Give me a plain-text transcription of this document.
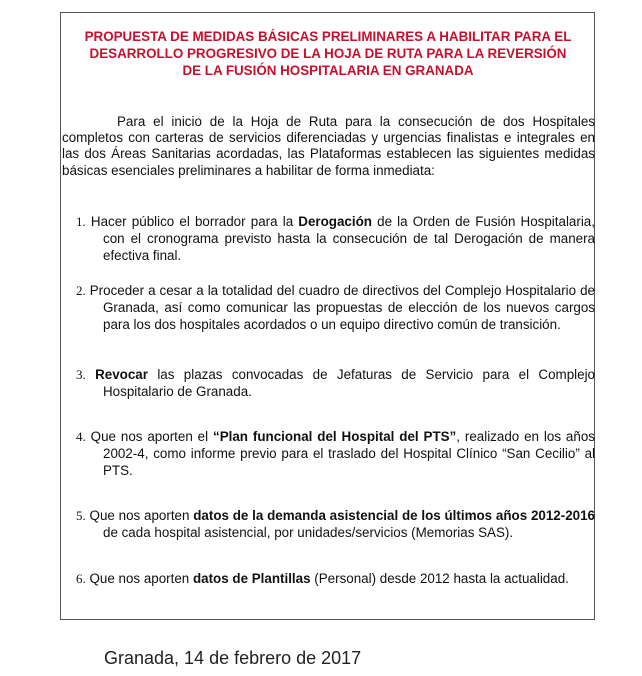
PROPUESTA DE MEDIDAS BÁSICAS PRELIMINARES A HABILITAR PARA EL
DESARROLLO PROGRESIVO DE LA HOJA DE RUTA PARA LA REVERSIÓN
DE LA FUSIÓN HOSPITALARIA EN GRANADA
Para el inicio de la Hoja de Ruta para la consecución de dos Hospitales completos con carteras de servicios diferenciadas y urgencias finalistas e integrales en las dos Áreas Sanitarias acordadas, las Plataformas establecen las siguientes medidas básicas esenciales preliminares a habilitar de forma inmediata:
1. Hacer público el borrador para la Derogación de la Orden de Fusión Hospitalaria, con el cronograma previsto hasta la consecución de tal Derogación de manera efectiva final.
2. Proceder a cesar a la totalidad del cuadro de directivos del Complejo Hospitalario de Granada, así como comunicar las propuestas de elección de los nuevos cargos para los dos hospitales acordados o un equipo directivo común de transición.
3. Revocar las plazas convocadas de Jefaturas de Servicio para el Complejo Hospitalario de Granada.
4. Que nos aporten el “Plan funcional del Hospital del PTS”, realizado en los años 2002-4, como informe previo para el traslado del Hospital Clínico “San Cecilio” al PTS.
5. Que nos aporten datos de la demanda asistencial de los últimos años 2012-2016 de cada hospital asistencial, por unidades/servicios (Memorias SAS).
6. Que nos aporten datos de Plantillas (Personal) desde 2012 hasta la actualidad.
Granada, 14 de febrero de 2017
